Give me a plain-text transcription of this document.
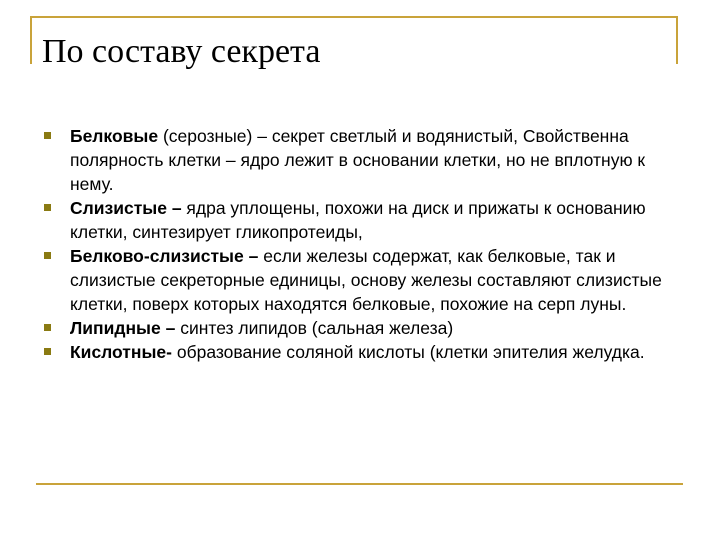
По составу секрета
Белковые (серозные) – секрет светлый и водянистый, Свойственна полярность клетки – ядро лежит в основании клетки, но не вплотную к нему.
Слизистые – ядра уплощены, похожи на диск и прижаты к основанию клетки, синтезирует гликопротеиды,
Белково-слизистые – если железы содержат, как белковые, так и слизистые секреторные единицы, основу железы составляют слизистые клетки, поверх которых находятся белковые, похожие на серп луны.
Липидные – синтез липидов (сальная железа)
Кислотные- образование соляной кислоты (клетки эпителия желудка.
